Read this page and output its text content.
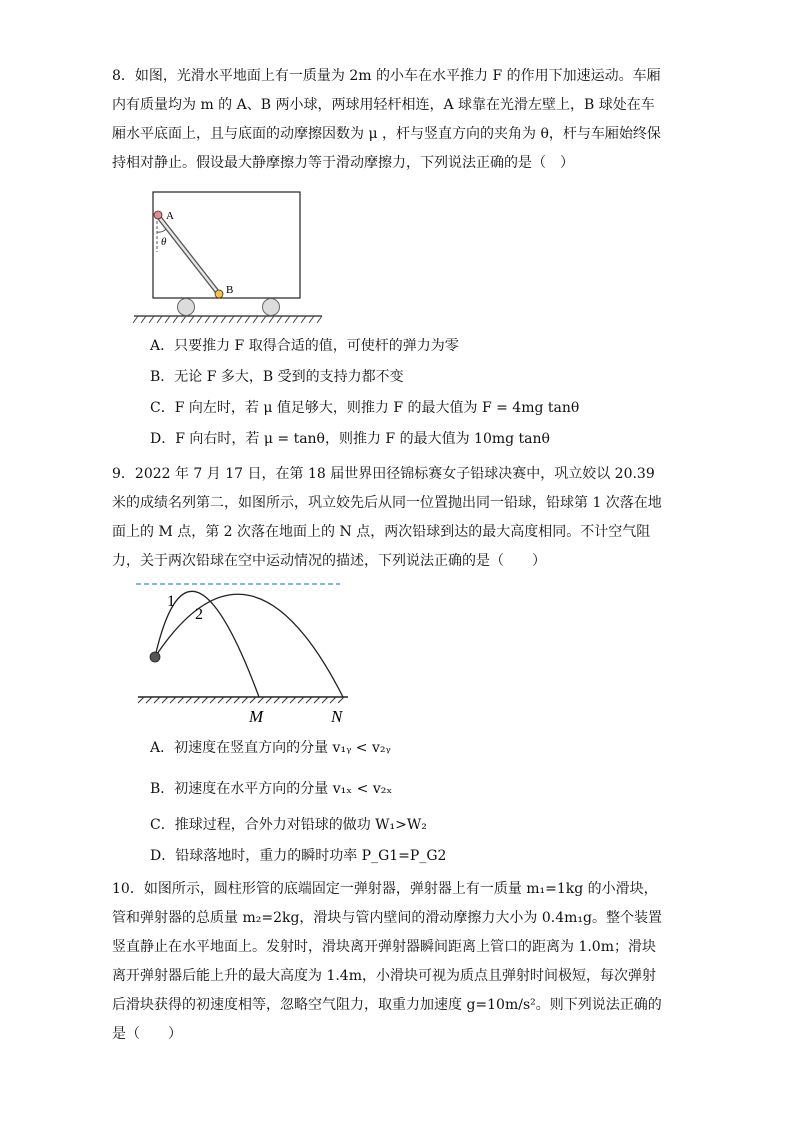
8．如图，光滑水平地面上有一质量为 2m 的小车在水平推力 F 的作用下加速运动。车厢内有质量均为 m 的 A、B 两小球，两球用轻杆相连，A 球靠在光滑左壁上，B 球处在车厢水平底面上，且与底面的动摩擦因数为 μ ，杆与竖直方向的夹角为 θ，杆与车厢始终保持相对静止。假设最大静摩擦力等于滑动摩擦力，下列说法正确的是（　）

A
B
θ
A．只要推力 F 取得合适的值，可使杆的弹力为零
B．无论 F 多大，B 受到的支持力都不变
C．F 向左时，若 μ 值足够大，则推力 F 的最大值为 F = 4mg tanθ
D．F 向右时，若 μ = tanθ，则推力 F 的最大值为 10mg tanθ

9．2022 年 7 月 17 日，在第 18 届世界田径锦标赛女子铅球决赛中，巩立姣以 20.39 米的成绩名列第二，如图所示，巩立姣先后从同一位置抛出同一铅球，铅球第 1 次落在地面上的 M 点，第 2 次落在地面上的 N 点，两次铅球到达的最大高度相同。不计空气阻力，关于两次铅球在空中运动情况的描述，下列说法正确的是（　　）

1
2
M	N
A．初速度在竖直方向的分量 v₁ᵧ < v₂ᵧ
B．初速度在水平方向的分量 v₁ₓ < v₂ₓ
C．推球过程，合外力对铅球的做功 W₁>W₂
D．铅球落地时，重力的瞬时功率 P_G1=P_G2

10．如图所示，圆柱形管的底端固定一弹射器，弹射器上有一质量 m₁=1kg 的小滑块，管和弹射器的总质量 m₂=2kg，滑块与管内壁间的滑动摩擦力大小为 0.4m₁g。整个装置竖直静止在水平地面上。发射时，滑块离开弹射器瞬间距离上管口的距离为 1.0m；滑块离开弹射器后能上升的最大高度为 1.4m，小滑块可视为质点且弹射时间极短，每次弹射后滑块获得的初速度相等，忽略空气阻力，取重力加速度 g=10m/s²。则下列说法正确的是（　　）
